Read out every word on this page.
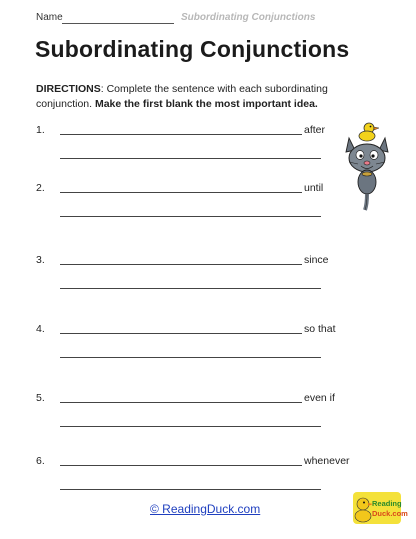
Name	Subordinating Conjunctions
Subordinating Conjunctions
DIRECTIONS: Complete the sentence with each subordinating conjunction. Make the first blank the most important idea.
1.	after
2.	until
3.	since
4.	so that
5.	even if
6.	whenever
© ReadingDuck.com	Reading
Duck.com
